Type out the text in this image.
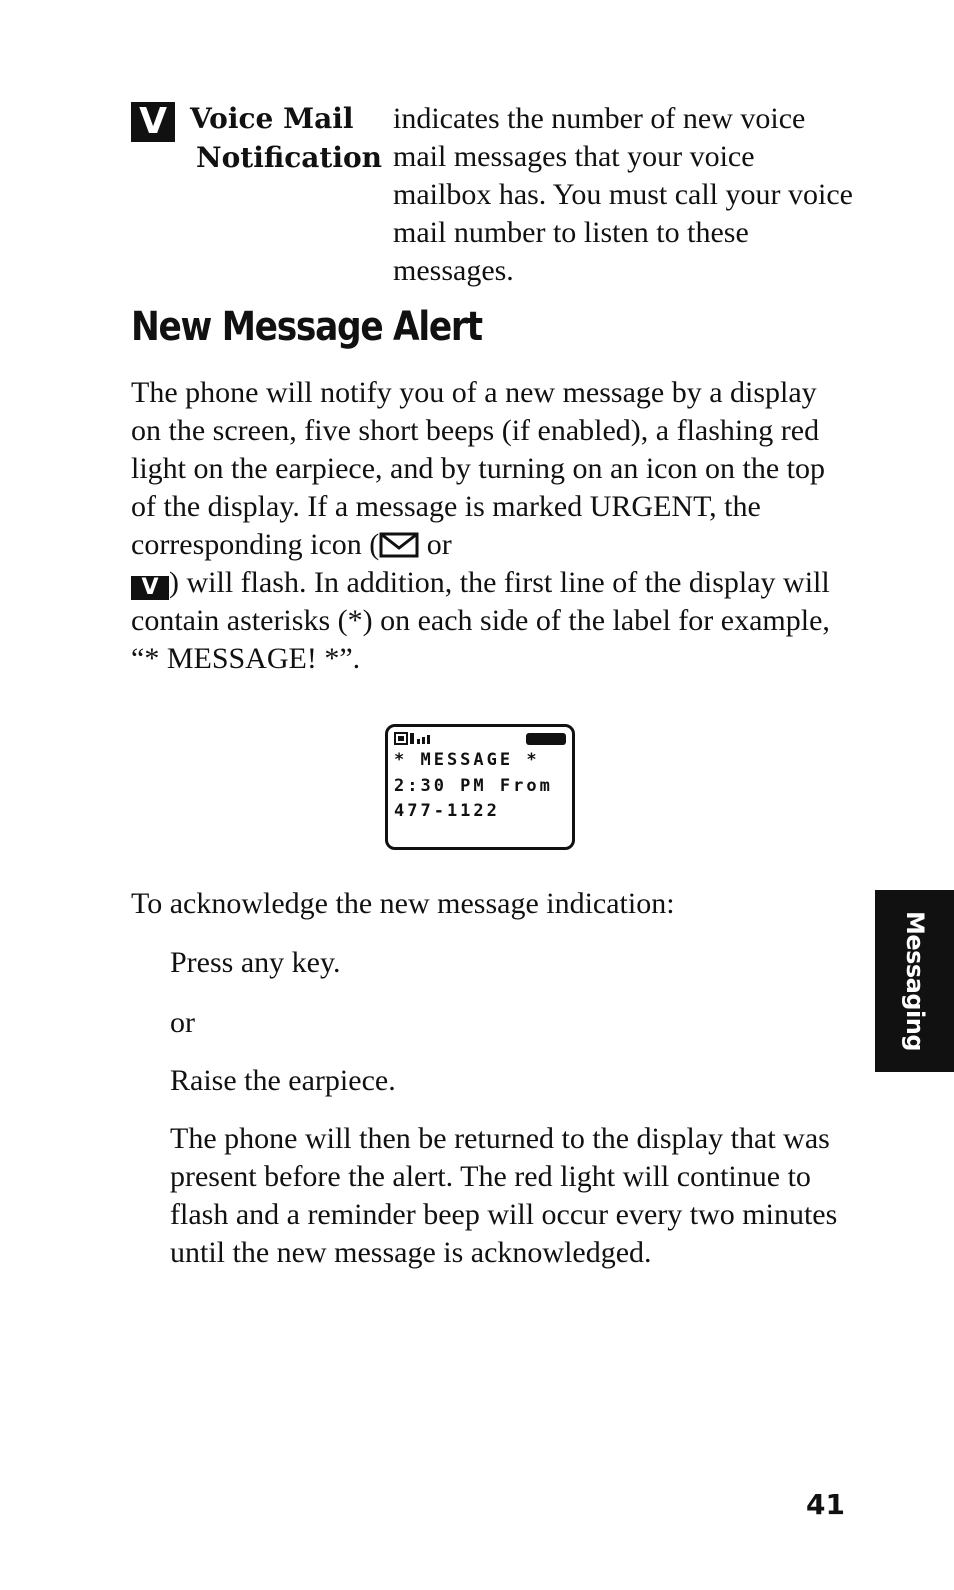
V Voice Mail
Notification
indicates the number of new voice mail messages that your voice mailbox has. You must call your voice mail number to listen to these messages.
New Message Alert
The phone will notify you of a new message by a display on the screen, five short beeps (if enabled), a flashing red light on the earpiece, and by turning on an icon on the top of the display. If a message is marked URGENT, the corresponding icon ( or
V ) will flash. In addition, the first line of the display will contain asterisks (*) on each side of the label for example, “* MESSAGE! *”.
* MESSAGE *
2:30 PM From
477-1122
To acknowledge the new message indication:
Press any key.
or
Raise the earpiece.
The phone will then be returned to the display that was present before the alert. The red light will continue to flash and a reminder beep will occur every two minutes until the new message is acknowledged.
Messaging
41
